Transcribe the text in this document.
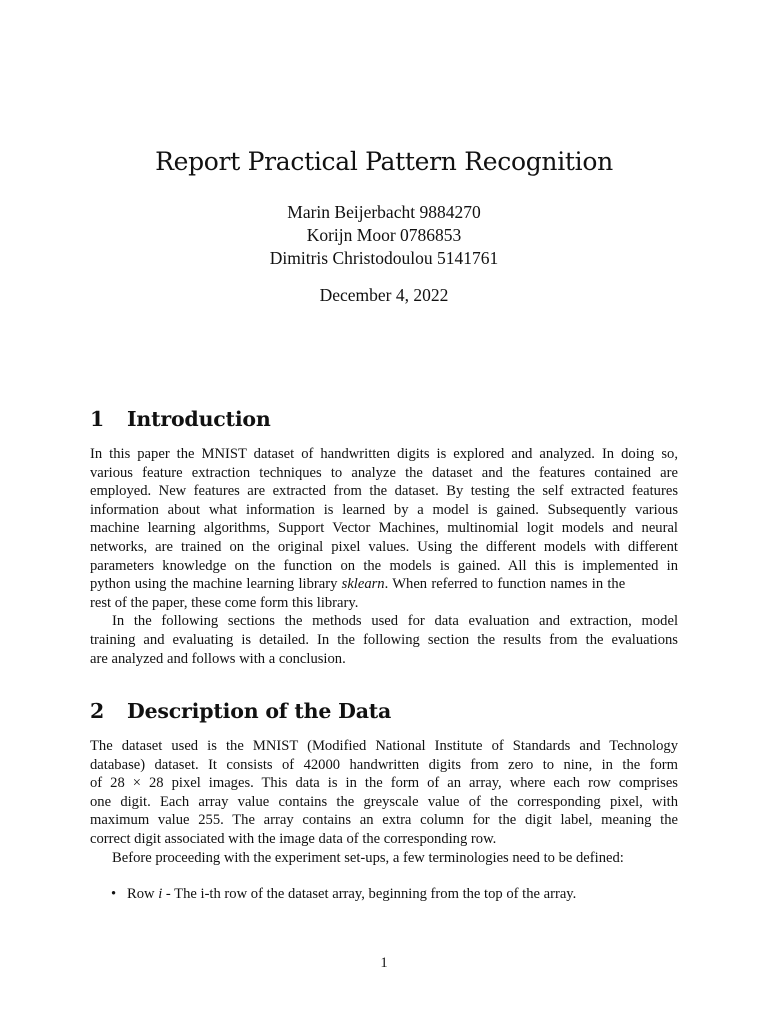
Report Practical Pattern Recognition
Marin Beijerbacht 9884270
Korijn Moor 0786853
Dimitris Christodoulou 5141761
December 4, 2022
1 Introduction
In this paper the MNIST dataset of handwritten digits is explored and analyzed. In doing so,
various feature extraction techniques to analyze the dataset and the features contained are
employed. New features are extracted from the dataset. By testing the self extracted features
information about what information is learned by a model is gained. Subsequently various
machine learning algorithms, Support Vector Machines, multinomial logit models and neural
networks, are trained on the original pixel values. Using the different models with different
parameters knowledge on the function on the models is gained. All this is implemented in
python using the machine learning library sklearn. When referred to function names in the
rest of the paper, these come form this library.
In the following sections the methods used for data evaluation and extraction, model
training and evaluating is detailed. In the following section the results from the evaluations
are analyzed and follows with a conclusion.
2 Description of the Data
The dataset used is the MNIST (Modified National Institute of Standards and Technology
database) dataset. It consists of 42000 handwritten digits from zero to nine, in the form
of 28 × 28 pixel images. This data is in the form of an array, where each row comprises
one digit. Each array value contains the greyscale value of the corresponding pixel, with
maximum value 255. The array contains an extra column for the digit label, meaning the
correct digit associated with the image data of the corresponding row.
Before proceeding with the experiment set-ups, a few terminologies need to be defined:
• Row i - The i-th row of the dataset array, beginning from the top of the array.
1
